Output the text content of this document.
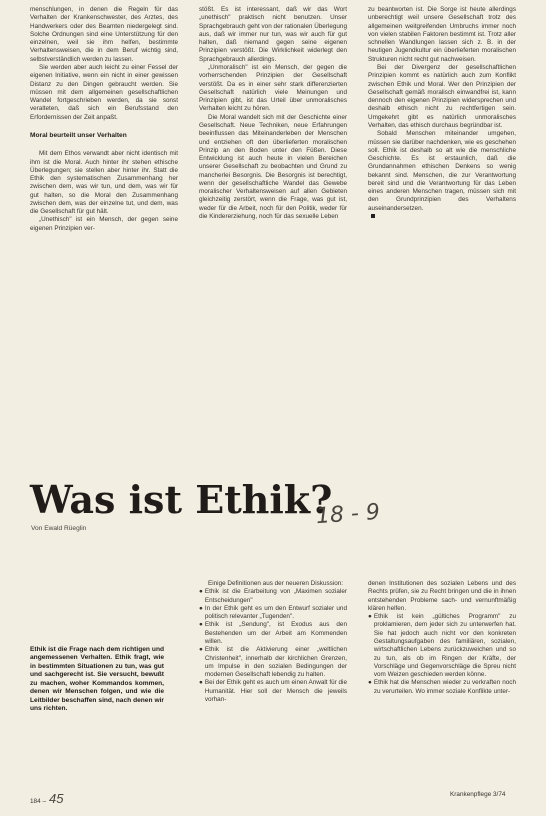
menschlungen, in denen die Regeln für das Verhalten der Krankenschwester, des Arztes, des Handwerkers oder des Beamten niedergelegt sind. Solche Ordnungen sind eine Unterstützung für den einzelnen, weil sie ihm helfen, bestimmte Verhaltensweisen, die in dem Beruf wichtig sind, selbstverständlich werden zu lassen.

Sie werden aber auch leicht zu einer Fessel der eigenen Initiative, wenn ein nicht in einer gewissen Distanz zu den Dingen gebraucht werden. Sie müssen mit dem allgemeinen gesellschaftlichen Wandel fortgeschrieben werden, da sie sonst veralteten, daß sich ein Berufsstand den Erfordernissen der Zeit anpaßt.

Moral beurteilt unser Verhalten

Mit dem Ethos verwandt aber nicht identisch mit ihm ist die Moral. Auch hinter ihr stehen ethische Überlegungen; sie stellen aber hinter ihr. Statt die Ethik den systematischen Zusammenhang her zwischen dem, was wir tun, und dem, was wir für gut halten, so die Moral den Zusammenhang zwischen dem, was der einzelne tut, und dem, was die Gesellschaft für gut hält.

„Unethisch" ist ein Mensch, der gegen seine eigenen Prinzipien ver-

stößt. Es ist interessant, daß wir das Wort „unethisch" praktisch nicht benutzen. Unser Sprachgebrauch geht von der rationalen Überlegung aus, daß wir immer nur tun, was wir auch für gut halten, daß niemand gegen seine eigenen Prinzipien verstößt. Die Wirklichkeit widerlegt den Sprachgebrauch allerdings.

„Unmoralisch" ist ein Mensch, der gegen die vorherrschenden Prinzipien der Gesellschaft verstößt. Da es in einer sehr stark differenzierten Gesellschaft natürlich viele Meinungen und Prinzipien gibt, ist das Urteil über unmoralisches Verhalten leicht zu hören.

Die Moral wandelt sich mit der Geschichte einer Gesellschaft. Neue Techniken, neue Erfahrungen beeinflussen das Miteinanderleben der Menschen und entziehen oft den überlieferten moralischen Prinzip an den Boden unter den Füßen. Diese Entwicklung ist auch heute in vielen Bereichen unserer Gesellschaft zu beobachten und Grund zu mancherlei Besorgnis. Die Besorgnis ist berechtigt, wenn der gesellschaftliche Wandel das Gewebe moralischer Verhaltensweisen auf allen Gebieten gleichzeitig zerstört, wenn die Frage, was gut ist, weder für die Arbeit, noch für den Politik, weder für die Kindererziehung, noch für das sexuelle Leben

zu beantworten ist. Die Sorge ist heute allerdings unberechtigt weil unsere Gesellschaft trotz des allgemeinen weitgreifenden Umbruchs immer noch von vielen stabilen Faktoren bestimmt ist. Trotz aller schnellen Wandlungen lassen sich z. B. in der heutigen Jugendkultur ein überlieferten moralischen Strukturen nicht recht gut nachweisen.

Bei der Divergenz der gesellschaftlichen Prinzipien kommt es natürlich auch zum Konflikt zwischen Ethik und Moral. Wer den Prinzipien der Gesellschaft gemäß moralisch einwandfrei ist, kann dennoch den eigenen Prinzipien widersprechen und deshalb ethisch nicht zu rechtfertigen sein. Umgekehrt gibt es natürlich unmoralisches Verhalten, das ethisch durchaus begründbar ist.

Sobald Menschen miteinander umgehen, müssen sie darüber nachdenken, wie es geschehen soll. Ethik ist deshalb so alt wie die menschliche Geschichte. Es ist erstaunlich, daß die Grundannahmen ethischen Denkens so wenig bekannt sind. Menschen, die zur Verantwortung bereit sind und die Verantwortung für das Leben eines anderen Menschen tragen, müssen sich mit den Grundprinzipien des Verhaltens auseinandersetzen.

Was ist Ethik?
Von Ewald Rüeglin	18 - 9
Ethik ist die Frage nach dem richtigen und angemessenen Verhalten. Ethik fragt, wie in bestimmten Situationen zu tun, was gut und sachgerecht ist. Sie versucht, bewußt zu machen, woher Kommandos kommen, denen wir Menschen folgen, und wie die Leitbilder beschaffen sind, nach denen wir uns richten.

Einige Definitionen aus der neueren Diskussion:

● Ethik ist die Erarbeitung von „Maximen sozialer Entscheidungen"
● In der Ethik geht es um den Entwurf sozialer und politisch relevanter „Tugenden".
● Ethik ist „Sendung", ist Exodus aus den Bestehenden um der Arbeit am Kommenden willen.
● Ethik ist die Aktivierung einer „weltlichen Christenheit", innerhalb der kirchlichen Grenzen, um Impulse in den sozialen Bedingungen der modernen Gesellschaft lebendig zu halten.
● Bei der Ethik geht es auch um einen Anwalt für die Humanität. Hier soll der Mensch die jeweils vorhan-

denen Institutionen des sozialen Lebens und des Rechts prüfen, sie zu Recht bringen und die in ihnen entstehenden Probleme sach- und vernunftmäßig klären helfen.

● Ethik ist kein „gültiches Programm" zu proklamieren, dem jeder sich zu unterwerfen hat. Sie hat jedoch auch nicht vor den konkreten Gestaltungsaufgaben des familiären, sozialen, wirtschaftlichen Lebens zurückzuweichen und so zu tun, als ob im Ringen der Kräfte, der Vorschläge und Gegenvorschläge die Spreu nicht vom Weizen geschieden werden könne.
● Ethik hat die Menschen wieder zu verkraften noch zu verurteilen. Wo immer soziale Konflikte unter-
184 – 45	Krankenpflege 3/74
